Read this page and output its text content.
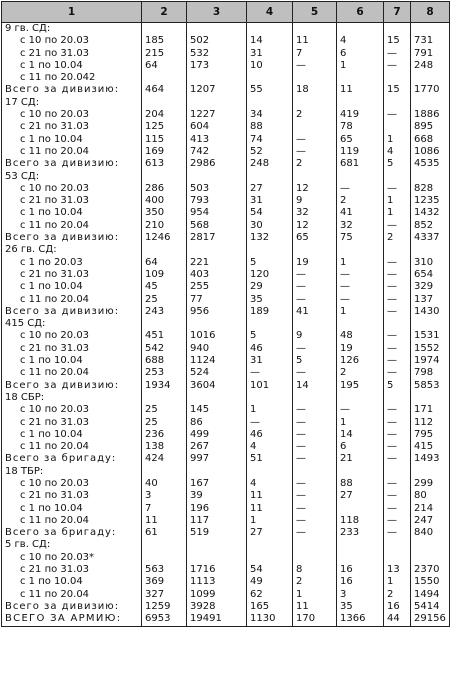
1	2	3	4	5	6	7	8
9 гв. СД:							
с 10 по 20.03	185	502	14	11	4	15	731
с 21 по 31.03	215	532	31	7	6	—	791
с 1 по 10.04	64	173	10	—	1	—	248
с 11 по 20.042							
Всего за дивизию:	464	1207	55	18	11	15	1770
17 СД:							
с 10 по 20.03	204	1227	34	2	419	—	1886
с 21 по 31.03	125	604	88		78		895
с 1 по 10.04	115	413	74	—	65	1	668
с 11 по 20.04	169	742	52	—	119	4	1086
Всего за дивизию:	613	2986	248	2	681	5	4535
53 СД:							
с 10 по 20.03	286	503	27	12	—	—	828
с 21 по 31.03	400	793	31	9	2	1	1235
с 1 по 10.04	350	954	54	32	41	1	1432
с 11 по 20.04	210	568	30	12	32	—	852
Всего за дивизию:	1246	2817	132	65	75	2	4337
26 гв. СД:							
с 1 по 20.03	64	221	5	19	1	—	310
с 21 по 31.03	109	403	120	—	—	—	654
с 1 по 10.04	45	255	29	—	—	—	329
с 11 по 20.04	25	77	35	—	—	—	137
Всего за дивизию:	243	956	189	41	1	—	1430
415 СД:							
с 10 по 20.03	451	1016	5	9	48	—	1531
с 21 по 31.03	542	940	46	—	19	—	1552
с 1 по 10.04	688	1124	31	5	126	—	1974
с 11 по 20.04	253	524	—	—	2	—	798
Всего за дивизию:	1934	3604	101	14	195	5	5853
18 СБР:							
с 10 по 20.03	25	145	1	—	—	—	171
с 21 по 31.03	25	86	—	—	1	—	112
с 1 по 10.04	236	499	46	—	14	—	795
с 11 по 20.04	138	267	4	—	6	—	415
Всего за бригаду:	424	997	51	—	21	—	1493
18 ТБР:							
с 10 по 20.03	40	167	4	—	88	—	299
с 21 по 31.03	3	39	11	—	27	—	80
с 1 по 10.04	7	196	11	—		—	214
с 11 по 20.04	11	117	1	—	118	—	247
Всего за бригаду:	61	519	27	—	233	—	840
5 гв. СД:							
с 10 по 20.03*							
с 21 по 31.03	563	1716	54	8	16	13	2370
с 1 по 10.04	369	1113	49	2	16	1	1550
с 11 по 20.04	327	1099	62	1	3	2	1494
Всего за дивизию:	1259	3928	165	11	35	16	5414
ВСЕГО ЗА АРМИЮ:	6953	19491	1130	170	1366	44	29156
